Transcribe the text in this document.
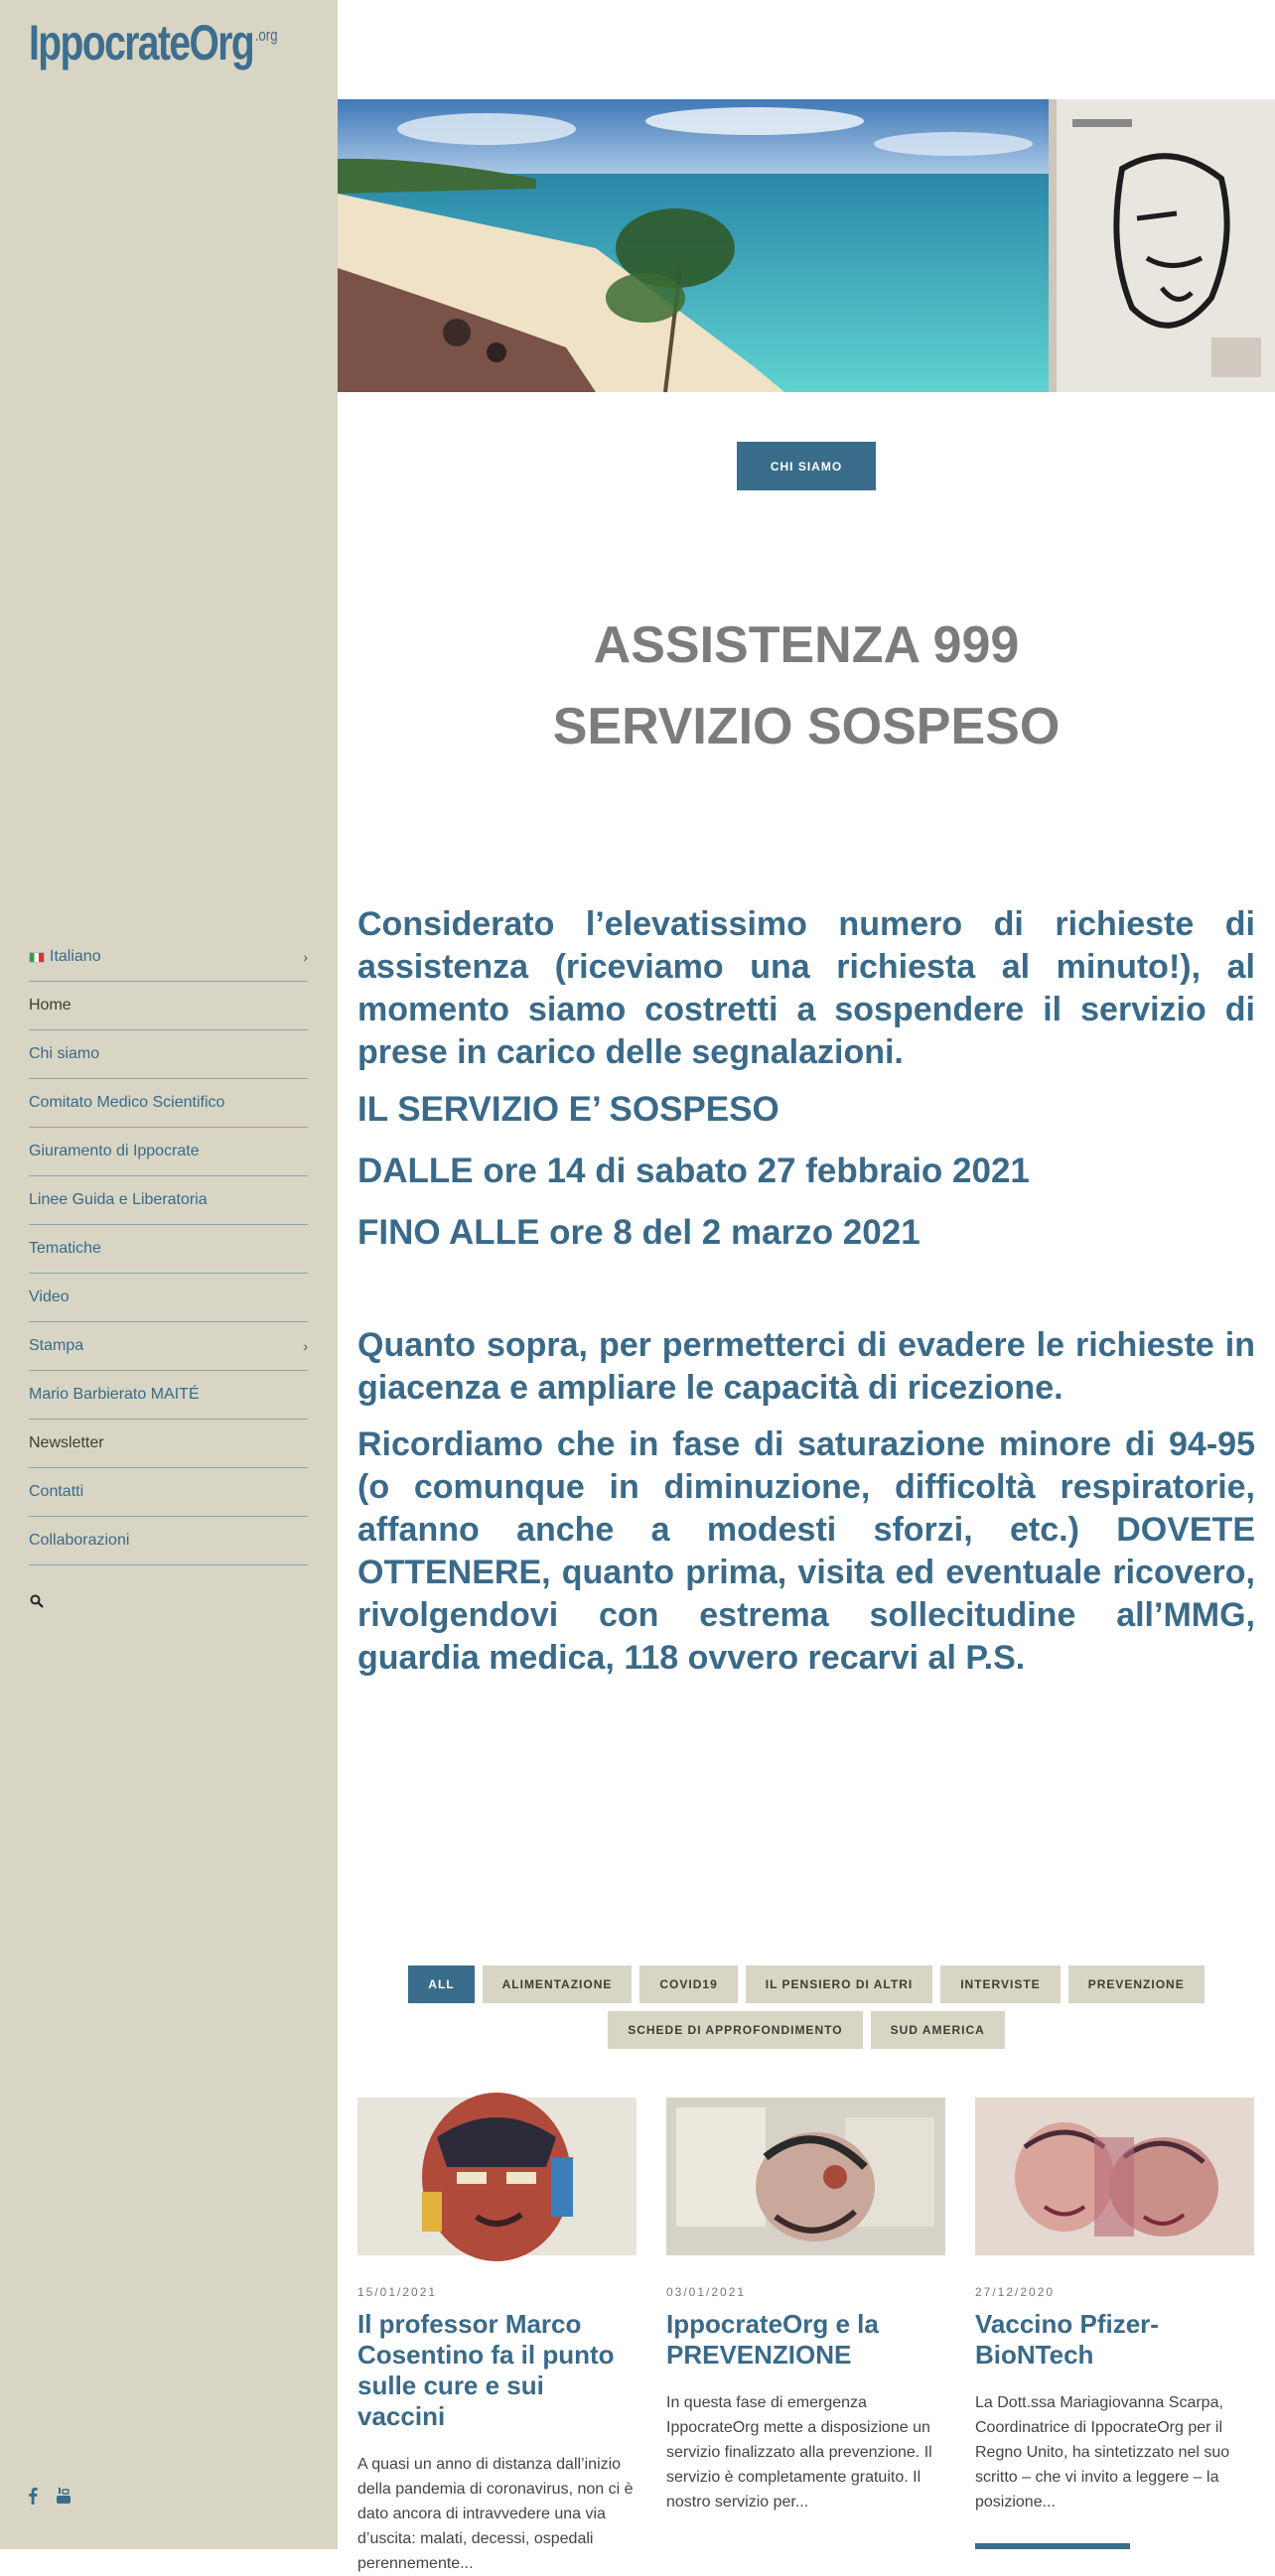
IppocrateOrg$^{.org}$
Italiano	›
Home
Chi siamo
Comitato Medico Scientifico
Giuramento di Ippocrate
Linee Guida e Liberatoria
Tematiche
Video
Stampa	›
Mario Barbierato MAITÉ
Newsletter
Contatti
Collaborazioni
CHI SIAMO
ASSISTENZA 999
SERVIZIO SOSPESO

Considerato l’elevatissimo numero di richieste di assistenza (riceviamo una richiesta al minuto!), al momento siamo costretti a sospendere il servizio di prese in carico delle segnalazioni.

IL SERVIZIO E’ SOSPESO

DALLE ore 14 di sabato 27 febbraio 2021

FINO ALLE ore 8 del 2 marzo 2021

Quanto sopra, per permetterci di evadere le richieste in giacenza e ampliare le capacità di ricezione.

Ricordiamo che in fase di saturazione minore di 94-95 (o comunque in diminuzione, difficoltà respiratorie, affanno anche a modesti sforzi, etc.) DOVETE OTTENERE, quanto prima, visita ed eventuale ricovero, rivolgendovi con estrema sollecitudine all’MMG, guardia medica, 118 ovvero recarvi al P.S.

ALL	ALIMENTAZIONE	COVID19	IL PENSIERO DI ALTRI	INTERVISTE	PREVENZIONE
SCHEDE DI APPROFONDIMENTO	SUD AMERICA
15/01/2021
Il professor Marco Cosentino fa il punto sulle cure e sui vaccini
A quasi un anno di distanza dall’inizio della pandemia di coronavirus, non ci è dato ancora di intravvedere una via d’uscita: malati, decessi, ospedali perennemente...
03/01/2021
IppocrateOrg e la PREVENZIONE
In questa fase di emergenza IppocrateOrg mette a disposizione un servizio finalizzato alla prevenzione. Il servizio è completamente gratuito. Il nostro servizio per...
27/12/2020
Vaccino Pfizer-BioNTech
La Dott.ssa Mariagiovanna Scarpa, Coordinatrice di IppocrateOrg per il Regno Unito, ha sintetizzato nel suo scritto – che vi invito a leggere – la posizione...
